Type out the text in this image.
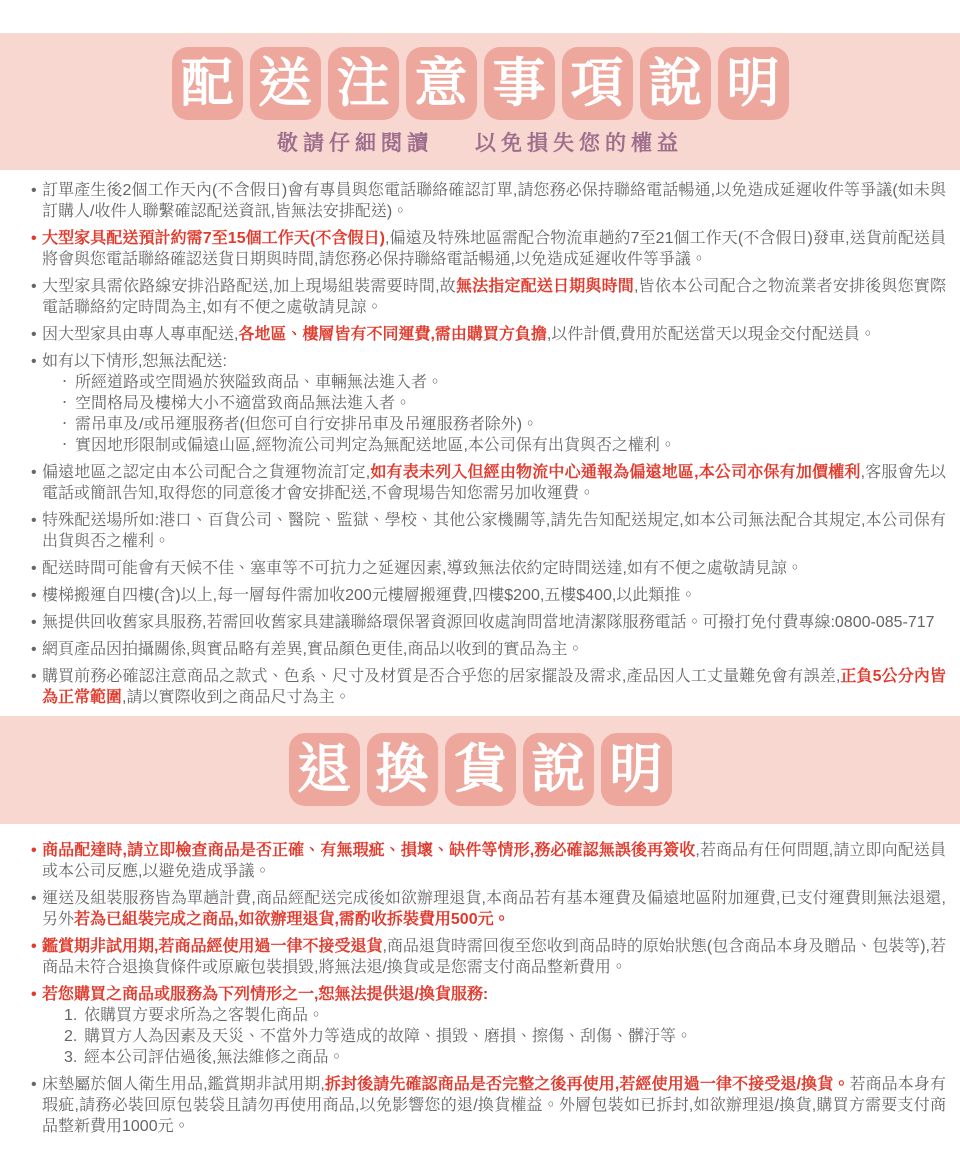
配 送 注 意 事 項 說 明
敬請仔細閱讀 以免損失您的權益
• 訂單產生後2個工作天內(不含假日)會有專員與您電話聯絡確認訂單,請您務必保持聯絡電話暢通,以免造成延遲收件等爭議(如未與訂購人/收件人聯繫確認配送資訊,皆無法安排配送)。
• 大型家具配送預計約需7至15個工作天(不含假日),偏遠及特殊地區需配合物流車趟約7至21個工作天(不含假日)發車,送貨前配送員將會與您電話聯絡確認送貨日期與時間,請您務必保持聯絡電話暢通,以免造成延遲收件等爭議。
• 大型家具需依路線安排沿路配送,加上現場組裝需要時間,故無法指定配送日期與時間,皆依本公司配合之物流業者安排後與您實際電話聯絡約定時間為主,如有不便之處敬請見諒。
• 因大型家具由專人專車配送,各地區、樓層皆有不同運費,需由購買方負擔,以件計價,費用於配送當天以現金交付配送員。
• 如有以下情形,恕無法配送:
‧ 所經道路或空間過於狹隘致商品、車輛無法進入者。
‧ 空間格局及樓梯大小不適當致商品無法進入者。
‧ 需吊車及/或吊運服務者(但您可自行安排吊車及吊運服務者除外)。
‧ 實因地形限制或偏遠山區,經物流公司判定為無配送地區,本公司保有出貨與否之權利。
• 偏遠地區之認定由本公司配合之貨運物流訂定,如有表未列入但經由物流中心通報為偏遠地區,本公司亦保有加價權利,客服會先以電話或簡訊告知,取得您的同意後才會安排配送,不會現場告知您需另加收運費。
• 特殊配送場所如:港口、百貨公司、醫院、監獄、學校、其他公家機關等,請先告知配送規定,如本公司無法配合其規定,本公司保有出貨與否之權利。
• 配送時間可能會有天候不佳、塞車等不可抗力之延遲因素,導致無法依約定時間送達,如有不便之處敬請見諒。
• 樓梯搬運自四樓(含)以上,每一層每件需加收200元樓層搬運費,四樓$200,五樓$400,以此類推。
• 無提供回收舊家具服務,若需回收舊家具建議聯絡環保署資源回收處詢問當地清潔隊服務電話。可撥打免付費專線:0800-085-717
• 網頁產品因拍攝關係,與實品略有差異,實品顏色更佳,商品以收到的實品為主。
• 購買前務必確認注意商品之款式、色系、尺寸及材質是否合乎您的居家擺設及需求,產品因人工丈量難免會有誤差,正負5公分內皆為正常範圍,請以實際收到之商品尺寸為主。
退 換 貨 說 明
• 商品配達時,請立即檢查商品是否正確、有無瑕疵、損壞、缺件等情形,務必確認無誤後再簽收,若商品有任何問題,請立即向配送員或本公司反應,以避免造成爭議。
• 運送及組裝服務皆為單趟計費,商品經配送完成後如欲辦理退貨,本商品若有基本運費及偏遠地區附加運費,已支付運費則無法退還,另外若為已組裝完成之商品,如欲辦理退貨,需酌收拆裝費用500元。
• 鑑賞期非試用期,若商品經使用過一律不接受退貨,商品退貨時需回復至您收到商品時的原始狀態(包含商品本身及贈品、包裝等),若商品未符合退換貨條件或原廠包裝損毀,將無法退/換貨或是您需支付商品整新費用。
• 若您購買之商品或服務為下列情形之一,恕無法提供退/換貨服務:
1. 依購買方要求所為之客製化商品。
2. 購買方人為因素及天災、不當外力等造成的故障、損毀、磨損、擦傷、刮傷、髒汙等。
3. 經本公司評估過後,無法維修之商品。
• 床墊屬於個人衛生用品,鑑賞期非試用期,拆封後請先確認商品是否完整之後再使用,若經使用過一律不接受退/換貨。若商品本身有瑕疵,請務必裝回原包裝袋且請勿再使用商品,以免影響您的退/換貨權益。外層包裝如已拆封,如欲辦理退/換貨,購買方需要支付商品整新費用1000元。
